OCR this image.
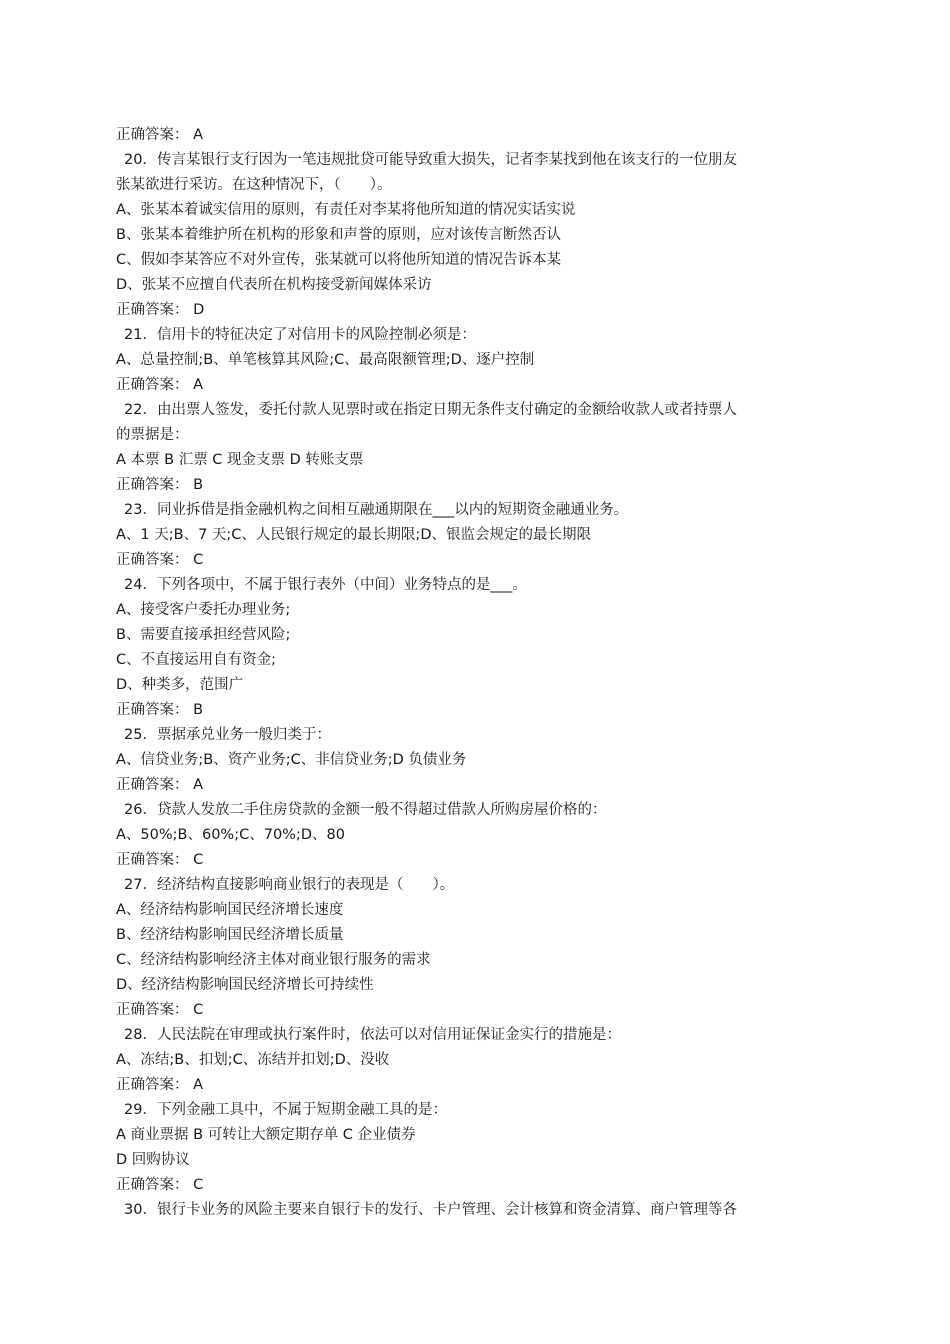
正确答案： A
20．传言某银行支行因为一笔违规批贷可能导致重大损失，记者李某找到他在该支行的一位朋友
张某欲进行采访。在这种情况下，（　　）。
A、张某本着诚实信用的原则，有责任对李某将他所知道的情况实话实说
B、张某本着维护所在机构的形象和声誉的原则，应对该传言断然否认
C、假如李某答应不对外宣传，张某就可以将他所知道的情况告诉本某
D、张某不应擅自代表所在机构接受新闻媒体采访
正确答案： D
21．信用卡的特征决定了对信用卡的风险控制必须是：
A、总量控制;B、单笔核算其风险;C、最高限额管理;D、逐户控制
正确答案： A
22．由出票人签发，委托付款人见票时或在指定日期无条件支付确定的金额给收款人或者持票人
的票据是：
A 本票 B 汇票 C 现金支票 D 转账支票
正确答案： B
23．同业拆借是指金融机构之间相互融通期限在___以内的短期资金融通业务。
A、1 天;B、7 天;C、人民银行规定的最长期限;D、银监会规定的最长期限
正确答案： C
24．下列各项中，不属于银行表外（中间）业务特点的是___。
A、接受客户委托办理业务;
B、需要直接承担经营风险;
C、不直接运用自有资金;
D、种类多，范围广
正确答案： B
25．票据承兑业务一般归类于：
A、信贷业务;B、资产业务;C、非信贷业务;D 负债业务
正确答案： A
26．贷款人发放二手住房贷款的金额一般不得超过借款人所购房屋价格的：
A、50%;B、60%;C、70%;D、80
正确答案： C
27．经济结构直接影响商业银行的表现是（　　）。
A、经济结构影响国民经济增长速度
B、经济结构影响国民经济增长质量
C、经济结构影响经济主体对商业银行服务的需求
D、经济结构影响国民经济增长可持续性
正确答案： C
28．人民法院在审理或执行案件时，依法可以对信用证保证金实行的措施是：
A、冻结;B、扣划;C、冻结并扣划;D、没收
正确答案： A
29．下列金融工具中，不属于短期金融工具的是：
A 商业票据 B 可转让大额定期存单 C 企业债券
D 回购协议
正确答案： C
30．银行卡业务的风险主要来自银行卡的发行、卡户管理、会计核算和资金清算、商户管理等各
